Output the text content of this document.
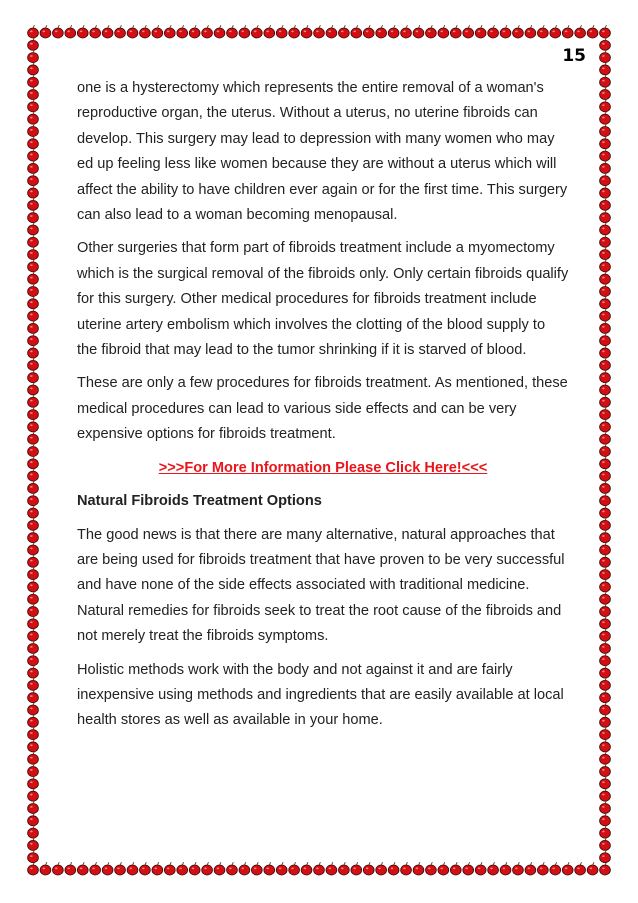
15

one is a hysterectomy which represents the entire removal of a woman's reproductive organ, the uterus. Without a uterus, no uterine fibroids can develop. This surgery may lead to depression with many women who may ed up feeling less like women because they are without a uterus which will affect the ability to have children ever again or for the first time. This surgery can also lead to a woman becoming menopausal.

Other surgeries that form part of fibroids treatment include a myomectomy which is the surgical removal of the fibroids only. Only certain fibroids qualify for this surgery. Other medical procedures for fibroids treatment include uterine artery embolism which involves the clotting of the blood supply to the fibroid that may lead to the tumor shrinking if it is starved of blood.

These are only a few procedures for fibroids treatment. As mentioned, these medical procedures can lead to various side effects and can be very expensive options for fibroids treatment.

>>>For More Information Please Click Here!<<<
Natural Fibroids Treatment Options

The good news is that there are many alternative, natural approaches that are being used for fibroids treatment that have proven to be very successful and have none of the side effects associated with traditional medicine. Natural remedies for fibroids seek to treat the root cause of the fibroids and not merely treat the fibroids symptoms.

Holistic methods work with the body and not against it and are fairly inexpensive using methods and ingredients that are easily available at local health stores as well as available in your home.
